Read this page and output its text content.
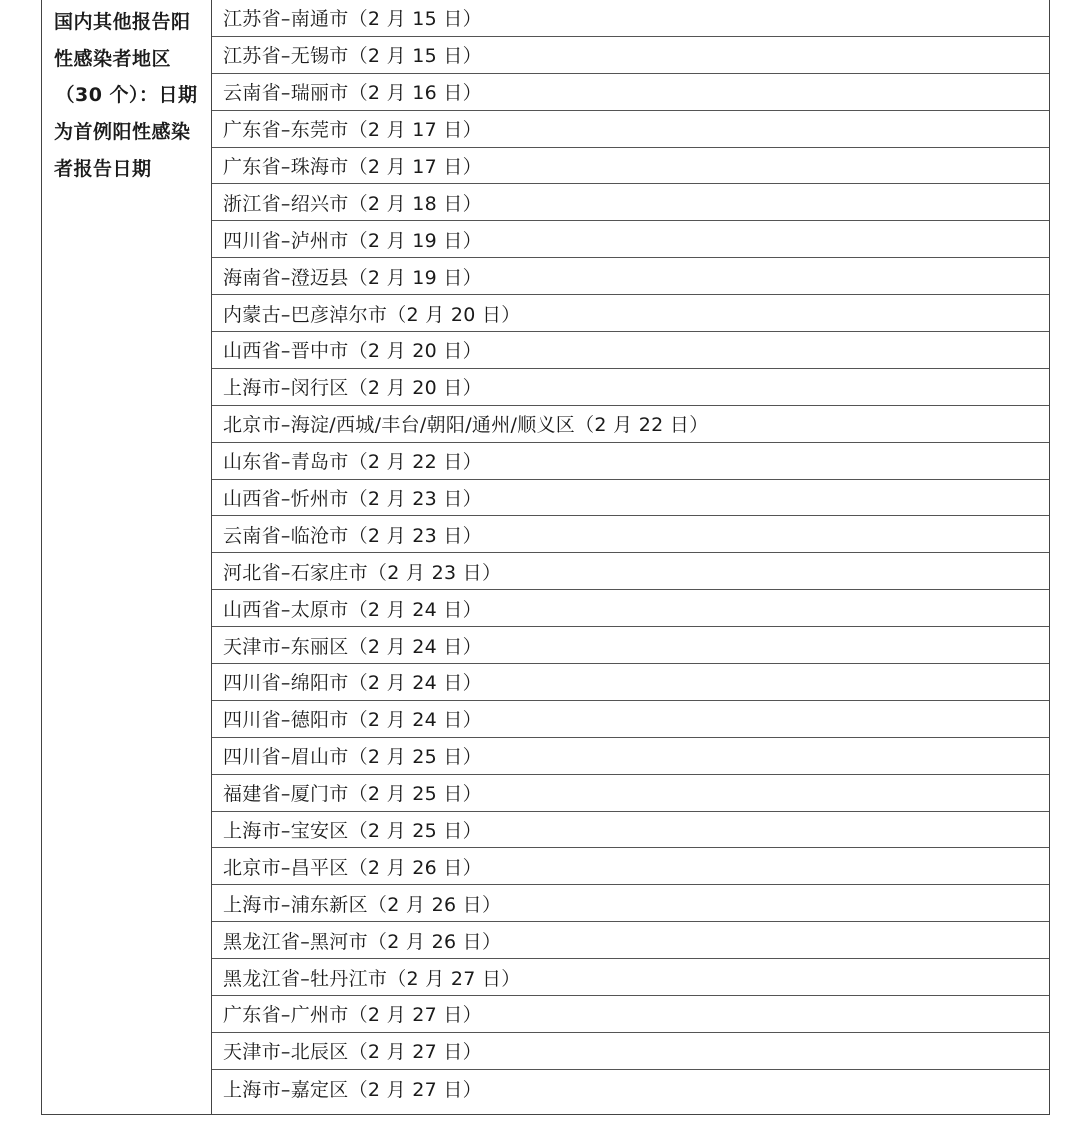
国内其他报告阳
性感染者地区
（30 个）：日期
为首例阳性感染
者报告日期
江苏省–南通市（2 月 15 日）
江苏省–无锡市（2 月 15 日）
云南省–瑞丽市（2 月 16 日）
广东省–东莞市（2 月 17 日）
广东省–珠海市（2 月 17 日）
浙江省–绍兴市（2 月 18 日）
四川省–泸州市（2 月 19 日）
海南省–澄迈县（2 月 19 日）
内蒙古–巴彦淖尔市（2 月 20 日）
山西省–晋中市（2 月 20 日）
上海市–闵行区（2 月 20 日）
北京市–海淀/西城/丰台/朝阳/通州/顺义区（2 月 22 日）
山东省–青岛市（2 月 22 日）
山西省–忻州市（2 月 23 日）
云南省–临沧市（2 月 23 日）
河北省–石家庄市（2 月 23 日）
山西省–太原市（2 月 24 日）
天津市–东丽区（2 月 24 日）
四川省–绵阳市（2 月 24 日）
四川省–德阳市（2 月 24 日）
四川省–眉山市（2 月 25 日）
福建省–厦门市（2 月 25 日）
上海市–宝安区（2 月 25 日）
北京市–昌平区（2 月 26 日）
上海市–浦东新区（2 月 26 日）
黑龙江省–黑河市（2 月 26 日）
黑龙江省–牡丹江市（2 月 27 日）
广东省–广州市（2 月 27 日）
天津市–北辰区（2 月 27 日）
上海市–嘉定区（2 月 27 日）
